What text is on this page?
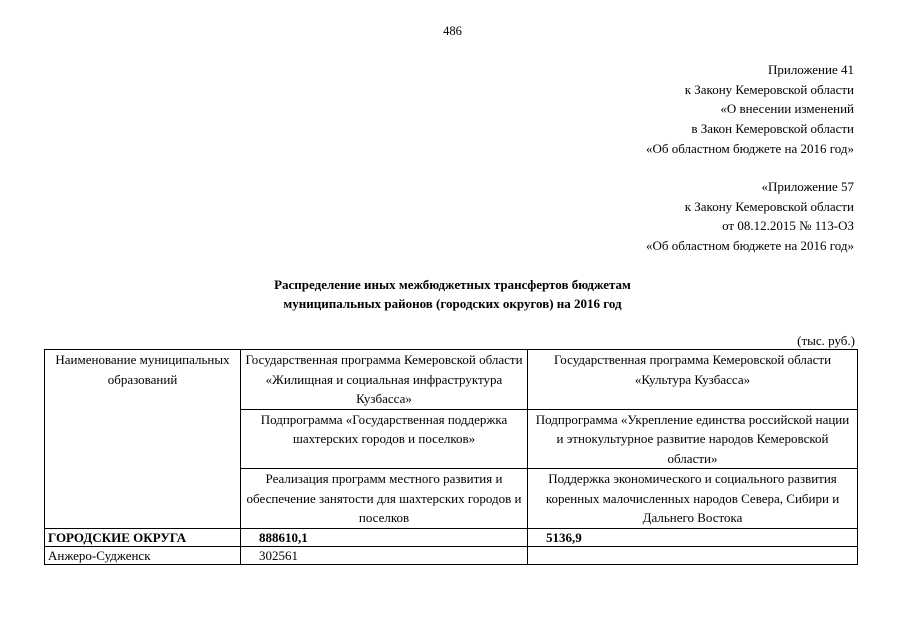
486
Приложение 41
к Закону Кемеровской области
«О внесении изменений
в Закон Кемеровской области
«Об областном бюджете на 2016 год»
«Приложение 57
к Закону Кемеровской области
от 08.12.2015 № 113-ОЗ
«Об областном бюджете на 2016 год»
Распределение иных межбюджетных трансфертов бюджетам
муниципальных районов (городских округов) на 2016 год
(тыс. руб.)
Наименование муниципальных образований	Государственная программа Кемеровской области «Жилищная и социальная инфраструктура Кузбасса»	Государственная программа Кемеровской области «Культура Кузбасса»
	Подпрограмма «Государственная поддержка шахтерских городов и поселков»	Подпрограмма «Укрепление единства российской нации и этнокультурное развитие народов Кемеровской области»
	Реализация программ местного развития и обеспечение занятости для шахтерских городов и поселков	Поддержка экономического и социального развития коренных малочисленных народов Севера, Сибири и Дальнего Востока
ГОРОДСКИЕ ОКРУГА	888610,1	5136,9
Анжеро-Судженск	302561	
